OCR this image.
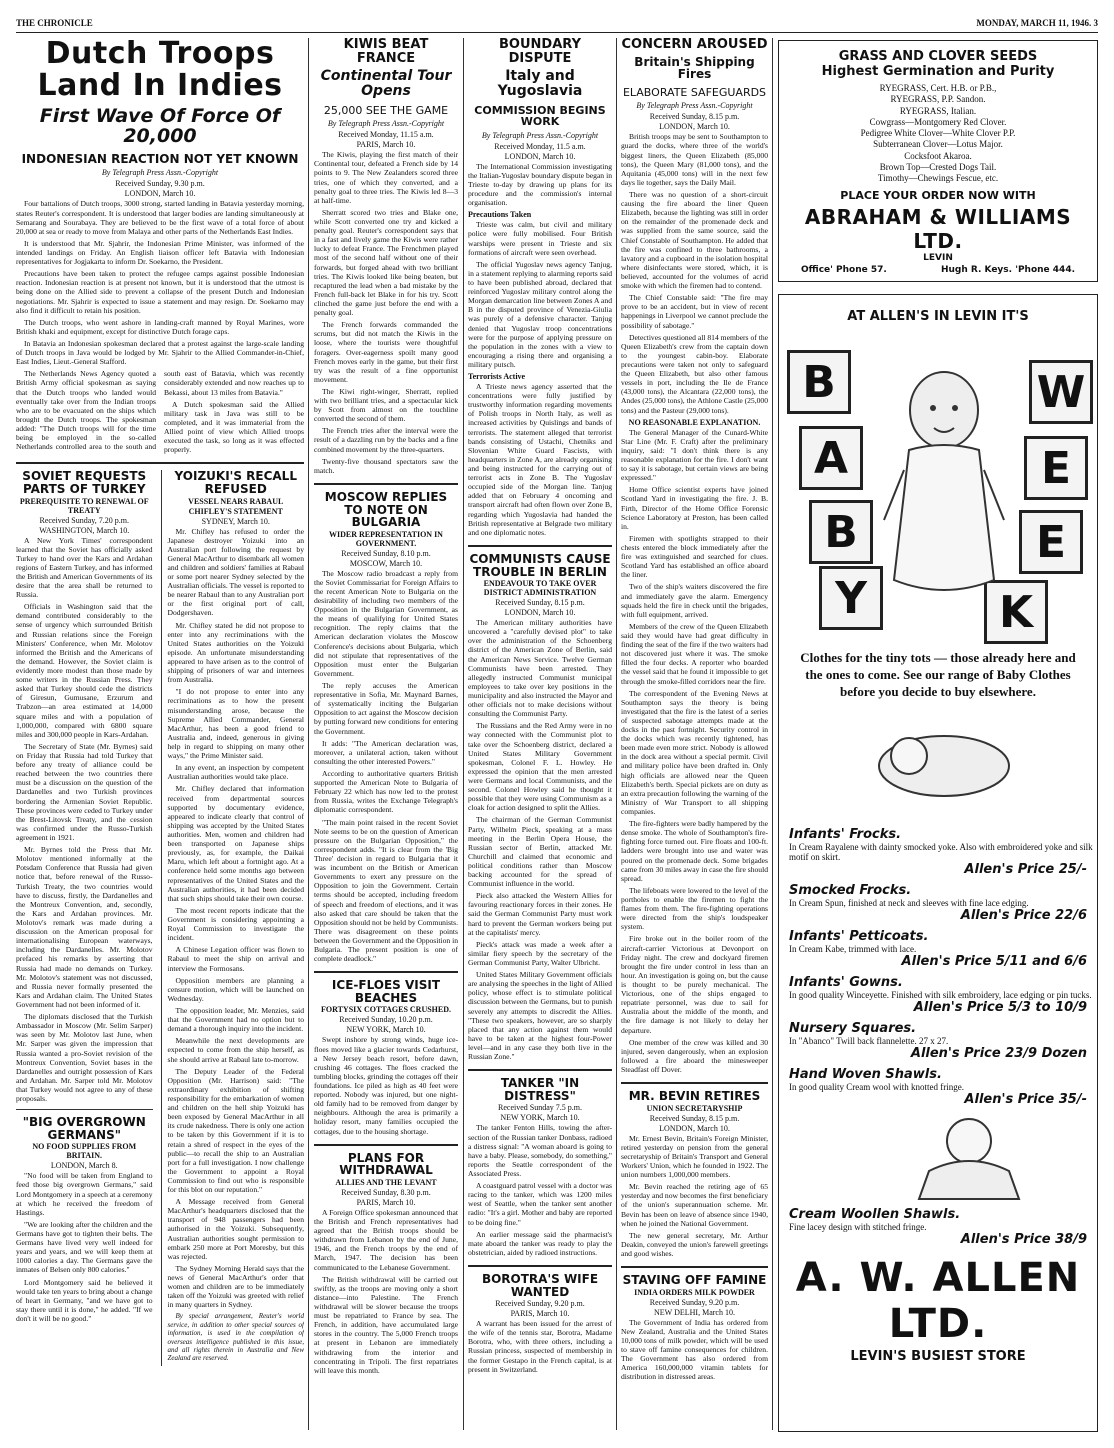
THE CHRONICLE	MONDAY, MARCH 11, 1946. 3
Dutch Troops Land In Indies
First Wave Of Force Of 20,000
INDONESIAN REACTION NOT YET KNOWN
By Telegraph Press Assn.-Copyright
Received Sunday, 9.30 p.m.
LONDON, March 10.

Four battalions of Dutch troops, 3000 strong, started landing in Batavia yesterday morning, states Reuter's correspondent. It is understood that larger bodies are landing simultaneously at Semarang and Sourabaya. They are believed to be the first wave of a total force of about 20,000 at sea or ready to move from Malaya and other parts of the Netherlands East Indies.

It is understood that Mr. Sjahrir, the Indonesian Prime Minister, was informed of the intended landings on Friday. An English liaison officer left Batavia with Indonesian representatives for Jogjakarta to inform Dr. Soekarno, the President.

Precautions have been taken to protect the refugee camps against possible Indonesian reaction. Indonesian reaction is at present not known, but it is understood that the utmost is being done on the Allied side to prevent a collapse of the present Dutch and Indonesian negotiations. Mr. Sjahrir is expected to issue a statement and may resign. Dr. Soekarno may also find it difficult to retain his position.

The Dutch troops, who went ashore in landing-craft manned by Royal Marines, wore British khaki and equipment, except for distinctive Dutch forage caps.

In Batavia an Indonesian spokesman declared that a protest against the large-scale landing of Dutch troops in Java would be lodged by Mr. Sjahrir to the Allied Commander-in-Chief, East Indies, Lieut.-General Stafford.

The Netherlands News Agency quoted a British Army official spokesman as saying that the Dutch troops who landed would eventually take over from the Indian troops who are to be evacuated on the ships which brought the Dutch troops. The spokesman added: "The Dutch troops will for the time being be employed in the so-called Netherlands controlled area to the south and south east of Batavia, which was recently considerably extended and now reaches up to Bekassi, about 13 miles from Batavia."

A Dutch spokesman said the Allied military task in Java was still to be completed, and it was immaterial from the Allied point of view which Allied troops executed the task, so long as it was effected properly.

SOVIET REQUESTS PARTS OF TURKEY
PREREQUISITE TO RENEWAL OF TREATY
Received Sunday, 7.20 p.m.
WASHINGTON, March 10.

A New York Times' correspondent learned that the Soviet has officially asked Turkey to hand over the Kars and Ardahan regions of Eastern Turkey, and has informed the British and American Governments of its desire that the area shall be returned to Russia.

Officials in Washington said that the demand contributed considerably to the sense of urgency which surrounded British and Russian relations since the Foreign Ministers' Conference, when Mr. Molotov informed the British and the Americans of the demand. However, the Soviet claim is evidently more modest than those made by some writers in the Russian Press. They asked that Turkey should cede the districts of Giresun, Gumusane, Erzurum and Trabzon—an area estimated at 14,000 square miles and with a population of 1,000,000, compared with 6800 square miles and 300,000 people in Kars-Ardahan.

The Secretary of State (Mr. Byrnes) said on Friday that Russia had told Turkey that before any treaty of alliance could be reached between the two countries there must be a discussion on the question of the Dardanelles and two Turkish provinces bordering the Armenian Soviet Republic. These provinces were ceded to Turkey under the Brest-Litovsk Treaty, and the cession was confirmed under the Russo-Turkish agreement in 1921.

Mr. Byrnes told the Press that Mr. Molotov mentioned informally at the Potsdam Conference that Russia had given notice that, before renewal of the Russo-Turkish Treaty, the two countries would have to discuss, firstly, the Dardanelles and the Montreux Convention, and, secondly, the Kars and Ardahan provinces. Mr. Molotov's remark was made during a discussion on the American proposal for internationalising European waterways, including the Dardanelles. Mr. Molotov prefaced his remarks by asserting that Russia had made no demands on Turkey. Mr. Molotov's statement was not discussed, and Russia never formally presented the Kars and Ardahan claim. The United States Government had not been informed of it.

The diplomats disclosed that the Turkish Ambassador in Moscow (Mr. Selim Sarper) was seen by Mr. Molotov last June, when Mr. Sarper was given the impression that Russia wanted a pro-Soviet revision of the Montreux Convention, Soviet bases in the Dardanelles and outright possession of Kars and Ardahan. Mr. Sarper told Mr. Molotov that Turkey would not agree to any of these proposals.

"BIG OVERGROWN GERMANS"
NO FOOD SUPPLIES FROM BRITAIN.
LONDON, March 8.

"No food will be taken from England to feed those big overgrown Germans," said Lord Montgomery in a speech at a ceremony at which he received the freedom of Hastings.

"We are looking after the children and the Germans have got to tighten their belts. The Germans have lived very well indeed for years and years, and we will keep them at 1000 calories a day. The Germans gave the inmates of Belsen only 800 calories."

Lord Montgomery said he believed it would take ten years to bring about a change of heart in Germany, "and we have got to stay there until it is done," he added. "If we don't it will be no good."

YOIZUKI'S RECALL REFUSED
VESSEL NEARS RABAUL
CHIFLEY'S STATEMENT
SYDNEY, March 10.

Mr. Chifley has refused to order the Japanese destroyer Yoizuki into an Australian port following the request by General MacArthur to disembark all women and children and soldiers' families at Rabaul or some port nearer Sydney selected by the Australian officials. The vessel is reported to be nearer Rabaul than to any Australian port or the first original port of call, Dodgershaven.

Mr. Chifley stated he did not propose to enter into any recriminations with the United States authorities on the Yoizuki episode. An unfortunate misunderstanding appeared to have arisen as to the control of shipping of prisoners of war and internees from Australia.

"I do not propose to enter into any recriminations as to how the present misunderstanding arose, because the Supreme Allied Commander, General MacArthur, has been a good friend to Australia and, indeed, generous in giving help in regard to shipping on many other ways," the Prime Minister said.

In any event, an inspection by competent Australian authorities would take place.

Mr. Chifley declared that information received from departmental sources supported by documentary evidence, appeared to indicate clearly that control of shipping was accepted by the United States authorities. Men, women and children had been transported on Japanese ships previously, as, for example, the Daikai Maru, which left about a fortnight ago. At a conference held some months ago between representatives of the United States and the Australian authorities, it had been decided that such ships should take their own course.

The most recent reports indicate that the Government is considering appointing a Royal Commission to investigate the incident.

A Chinese Legation officer was flown to Rabaul to meet the ship on arrival and interview the Formosans.

Opposition members are planning a censure motion, which will be launched on Wednesday.

The opposition leader, Mr. Menzies, said that the Government had no option but to demand a thorough inquiry into the incident.

Meanwhile the next developments are expected to come from the ship herself, as she should arrive at Rabaul late to-morrow.

The Deputy Leader of the Federal Opposition (Mr. Harrison) said: "The extraordinary exhibition of shifting responsibility for the embarkation of women and children on the hell ship Yoizuki has been exposed by General MacArthur in all its crude nakedness. There is only one action to be taken by this Government if it is to retain a shred of respect in the eyes of the public—to recall the ship to an Australian port for a full investigation. I now challenge the Government to appoint a Royal Commission to find out who is responsible for this blot on our reputation."

A Message received from General MacArthur's headquarters disclosed that the transport of 948 passengers had been authorised in the Yoizuki. Subsequently, Australian authorities sought permission to embark 250 more at Port Moresby, but this was rejected.

The Sydney Morning Herald says that the news of General MacArthur's order that women and children are to be immediately taken off the Yoizuki was greeted with relief in many quarters in Sydney.

By special arrangement, Reuter's world service, in addition to other special sources of information, is used in the compilation of overseas intelligence published in this issue, and all rights therein in Australia and New Zealand are reserved.

KIWIS BEAT FRANCE
Continental Tour Opens
25,000 SEE THE GAME
By Telegraph Press Assn.-Copyright
Received Monday, 11.15 a.m.
PARIS, March 10.

The Kiwis, playing the first match of their Continental tour, defeated a French side by 14 points to 9. The New Zealanders scored three tries, one of which they converted, and a penalty goal to three tries. The Kiwis led 8—3 at half-time.

Sherratt scored two tries and Blake one, while Scott converted one try and kicked a penalty goal. Reuter's correspondent says that in a fast and lively game the Kiwis were rather lucky to defeat France. The Frenchmen played most of the second half without one of their forwards, but forged ahead with two brilliant tries. The Kiwis looked like being beaten, but recaptured the lead when a bad mistake by the French full-back let Blake in for his try. Scott clinched the game just before the end with a penalty goal.

The French forwards commanded the scrums, but did not match the Kiwis in the loose, where the tourists were thoughtful foragers. Over-eagerness spoilt many good French moves early in the game, but their first try was the result of a fine opportunist movement.

The Kiwi right-winger, Sherratt, replied with two brilliant tries, and a spectacular kick by Scott from almost on the touchline converted the second of them.

The French tries after the interval were the result of a dazzling run by the backs and a fine combined movement by the three-quarters.

Twenty-five thousand spectators saw the match.

MOSCOW REPLIES TO NOTE ON BULGARIA
WIDER REPRESENTATION IN GOVERNMENT.
Received Sunday, 8.10 p.m.
MOSCOW, March 10.

The Moscow radio broadcast a reply from the Soviet Commissariat for Foreign Affairs to the recent American Note to Bulgaria on the desirability of including two members of the Opposition in the Bulgarian Government, as the means of qualifying for United States recognition. The reply claims that the American declaration violates the Moscow Conference's decisions about Bulgaria, which did not stipulate that representatives of the Opposition must enter the Bulgarian Government.

The reply accuses the American representative in Sofia, Mr. Maynard Barnes, of systematically inciting the Bulgarian Opposition to act against the Moscow decision by putting forward new conditions for entering the Government.

It adds: "The American declaration was, moreover, a unilateral action, taken without consulting the other interested Powers."

According to authoritative quarters British supported the American Note to Bulgaria of February 22 which has now led to the protest from Russia, writes the Exchange Telegraph's diplomatic correspondent.

"The main point raised in the recent Soviet Note seems to be on the question of American pressure on the Bulgarian Opposition," the correspondent adds. "It is clear from the 'Big Three' decision in regard to Bulgaria that it was incumbent on the British or American Governments to exert any pressure on the Opposition to join the Government. Certain terms should be accepted, including freedom of speech and freedom of elections, and it was also asked that care should be taken that the Opposition should not be held by Communists. There was disagreement on these points between the Government and the Opposition in Bulgaria. The present position is one of complete deadlock."

ICE-FLOES VISIT BEACHES
FORTYSIX COTTAGES CRUSHED.
Received Sunday, 10.20 p.m.
NEW YORK, March 10.

Swept inshore by strong winds, huge ice-floes moved like a glacier towards Cedarhurst, a New Jersey beach resort, before dawn, crushing 46 cottages. The floes cracked the tumbling blocks, grinding the cottages off their foundations. Ice piled as high as 40 feet were reported. Nobody was injured, but one night-old family had to be removed from danger by neighbours. Although the area is primarily a holiday resort, many families occupied the cottages, due to the housing shortage.

PLANS FOR WITHDRAWAL
ALLIES AND THE LEVANT
Received Sunday, 8.30 p.m.
PARIS, March 10.

A Foreign Office spokesman announced that the British and French representatives had agreed that the British troops should be withdrawn from Lebanon by the end of June, 1946, and the French troops by the end of March, 1947. The decision has been communicated to the Lebanese Government.

The British withdrawal will be carried out swiftly, as the troops are moving only a short distance—into Palestine. The French withdrawal will be slower because the troops must be repatriated to France by sea. The French, in addition, have accumulated large stores in the country. The 5,000 French troops at present in Lebanon are immediately withdrawing from the interior and concentrating in Tripoli. The first repatriates will leave this month.

BOUNDARY DISPUTE
Italy and Yugoslavia
COMMISSION BEGINS WORK
By Telegraph Press Assn.-Copyright
Received Monday, 11.5 a.m.
LONDON, March 10.

The International Commission investigating the Italian-Yugoslav boundary dispute began in Trieste to-day by drawing up plans for its procedure and the commission's internal organisation.

Precautions Taken

Trieste was calm, but civil and military police were fully mobilised. Four British warships were present in Trieste and six formations of aircraft were seen overhead.

The official Yugoslav news agency Tanjug, in a statement replying to alarming reports said to have been published abroad, declared that reinforced Yugoslav military control along the Morgan demarcation line between Zones A and B in the disputed province of Venezia-Giulia was purely of a defensive character. Tanjug denied that Yugoslav troop concentrations were for the purpose of applying pressure on the population in the zones with a view to encouraging a rising there and organising a military putsch.

Terrorists Active

A Trieste news agency asserted that the concentrations were fully justified by trustworthy information regarding movements of Polish troops in North Italy, as well as increased activities by Quislings and bands of terrorists. The statement alleged that terrorist bands consisting of Ustachi, Chetniks and Slovenian White Guard Fascists, with headquarters in Zone A, are already organising and being instructed for the carrying out of terrorist acts in Zone B. The Yugoslav occupied side of the Morgan line. Tanjug added that on February 4 oncoming and transport aircraft had often flown over Zone B, regarding which Yugoslavia had handed the British representative at Belgrade two military and one diplomatic notes.

COMMUNISTS CAUSE TROUBLE IN BERLIN
ENDEAVOUR TO TAKE OVER DISTRICT ADMINISTRATION
Received Sunday, 8.15 p.m.
LONDON, March 10.

The American military authorities have uncovered a "carefully devised plot" to take over the administration of the Schoenberg district of the American Zone of Berlin, said the American News Service. Twelve German Communists have been arrested. They allegedly instructed Communist municipal employees to take over key positions in the municipality and also instructed the Mayor and other officials not to make decisions without consulting the Communist Party.

The Russians and the Red Army were in no way connected with the Communist plot to take over the Schoenberg district, declared a United States Military Government spokesman, Colonel F. L. Howley. He expressed the opinion that the men arrested were Germans and local Communists, and the second. Colonel Howley said he thought it possible that they were using Communism as a cloak for action designed to split the Allies.

The chairman of the German Communist Party, Wilhelm Pieck, speaking at a mass meeting in the Berlin Opera House, the Russian sector of Berlin, attacked Mr. Churchill and claimed that economic and political conditions rather than Moscow backing accounted for the spread of Communist influence in the world.

Pieck also attacked the Western Allies for favouring reactionary forces in their zones. He said the German Communist Party must work hard to prevent the German workers being put at the capitalists' mercy.

Pieck's attack was made a week after a similar fiery speech by the secretary of the German Communist Party, Walter Ulbricht.

United States Military Government officials are analysing the speeches in the light of Allied policy, whose effect is to stimulate political discussion between the Germans, but to punish severely any attempts to discredit the Allies. "These two speakers, however, are so sharply placed that any action against them would have to be taken at the highest four-Power level—and in any case they both live in the Russian Zone."

TANKER "IN DISTRESS"
Received Sunday 7.5 p.m.
NEW YORK, March 10.

The tanker Fenton Hills, towing the after-section of the Russian tanker Donbass, radioed a distress signal: "A woman aboard is going to have a baby. Please, somebody, do something," reports the Seattle correspondent of the Associated Press.

A coastguard patrol vessel with a doctor was racing to the tanker, which was 1200 miles west of Seattle, when the tanker sent another radio: "It's a girl. Mother and baby are reported to be doing fine."

An earlier message said the pharmacist's mate aboard the tanker was ready to play the obstetrician, aided by radioed instructions.

BOROTRA'S WIFE WANTED
Received Sunday, 9.20 p.m.
PARIS, March 10.

A warrant has been issued for the arrest of the wife of the tennis star, Borotra, Madame Borotra, who, with three others, including a Russian princess, suspected of membership in the former Gestapo in the French capital, is at present in Switzerland.

CONCERN AROUSED
Britain's Shipping Fires
ELABORATE SAFEGUARDS
By Telegraph Press Assn.-Copyright
Received Sunday, 8.15 p.m.
LONDON, March 10.

British troops may be sent to Southampton to guard the docks, where three of the world's biggest liners, the Queen Elizabeth (85,000 tons), the Queen Mary (81,000 tons), and the Aquitania (45,000 tons) will in the next few days lie together, says the Daily Mail.

There was no question of a short-circuit causing the fire aboard the liner Queen Elizabeth, because the lighting was still in order on the remainder of the promenade deck and was supplied from the same source, said the Chief Constable of Southampton. He added that the fire was confined to three bathrooms, a lavatory and a cupboard in the isolation hospital where disinfectants were stored, which, it is believed, accounted for the volumes of acrid smoke with which the firemen had to contend.

The Chief Constable said: "The fire may prove to be an accident, but in view of recent happenings in Liverpool we cannot preclude the possibility of sabotage."

Detectives questioned all 814 members of the Queen Elizabeth's crew from the captain down to the youngest cabin-boy. Elaborate precautions were taken not only to safeguard the Queen Elizabeth, but also other famous vessels in port, including the Ile de France (43,000 tons), the Alcantara (22,000 tons), the Andes (25,000 tons), the Athlone Castle (25,000 tons) and the Pasteur (29,000 tons).

NO REASONABLE EXPLANATION.

The General Manager of the Cunard-White Star Line (Mr. F. Craft) after the preliminary inquiry, said: "I don't think there is any reasonable explanation for the fire. I don't want to say it is sabotage, but certain views are being expressed."

Home Office scientist experts have joined Scotland Yard in investigating the fire. J. B. Firth, Director of the Home Office Forensic Science Laboratory at Preston, has been called in.

Firemen with spotlights strapped to their chests entered the block immediately after the fire was extinguished and searched for clues. Scotland Yard has established an office aboard the liner.

Two of the ship's waiters discovered the fire and immediately gave the alarm. Emergency squads held the fire in check until the brigades, with full equipment, arrived.

Members of the crew of the Queen Elizabeth said they would have had great difficulty in finding the seat of the fire if the two waiters had not discovered just where it was. The smoke filled the four decks. A reporter who boarded the vessel said that he found it impossible to get through the smoke-filled corridors near the fire.

The correspondent of the Evening News at Southampton says the theory is being investigated that the fire is the latest of a series of suspected sabotage attempts made at the docks in the past fortnight. Security control in the docks which was recently tightened, has been made even more strict. Nobody is allowed in the dock area without a special permit. Civil and military police have been drafted in. Only high officials are allowed near the Queen Elizabeth's berth. Special pickets are on duty as an extra precaution following the warning of the Ministry of War Transport to all shipping companies.

The fire-fighters were badly hampered by the dense smoke. The whole of Southampton's fire-fighting force turned out. Fire floats and 100-ft. ladders were brought into use and water was poured on the promenade deck. Some brigades came from 30 miles away in case the fire should spread.

The lifeboats were lowered to the level of the portholes to enable the firemen to fight the flames from them. The fire-fighting operations were directed from the ship's loudspeaker system.

Fire broke out in the boiler room of the aircraft-carrier Victorious at Devonport on Friday night. The crew and dockyard firemen brought the fire under control in less than an hour. An investigation is going on, but the cause is thought to be purely mechanical. The Victorious, one of the ships engaged to repatriate personnel, was due to sail for Australia about the middle of the month, and the fire damage is not likely to delay her departure.

One member of the crew was killed and 30 injured, seven dangerously, when an explosion followed a fire aboard the minesweeper Steadfast off Dover.

MR. BEVIN RETIRES
UNION SECRETARYSHIP
Received Sunday, 8.15 p.m.
LONDON, March 10.

Mr. Ernest Bevin, Britain's Foreign Minister, retired yesterday on pension from the general secretaryship of Britain's Transport and General Workers' Union, which he founded in 1922. The union numbers 1,000,000 members.

Mr. Bevin reached the retiring age of 65 yesterday and now becomes the first beneficiary of the union's superannuation scheme. Mr. Bevin has been on leave of absence since 1940, when he joined the National Government.

The new general secretary, Mr. Arthur Deakin, conveyed the union's farewell greetings and good wishes.

STAVING OFF FAMINE
INDIA ORDERS MILK POWDER
Received Sunday, 9.20 p.m.
NEW DELHI, March 10.

The Government of India has ordered from New Zealand, Australia and the United States 10,000 tons of milk powder, which will be used to stave off famine consequences for children. The Government has also ordered from America 160,000,000 vitamin tablets for distribution in distressed areas.

GRASS AND CLOVER SEEDS
Highest Germination and Purity
RYEGRASS, Cert. H.B. or P.B.,
RYEGRASS, P.P. Sandon.
RYEGRASS, Italian.
Cowgrass—Montgomery Red Clover.
Pedigree White Clover—White Clover P.P.
Subterranean Clover—Lotus Major.
Cocksfoot Akaroa.
Brown Top—Crested Dogs Tail.
Timothy—Chewings Fescue, etc.
PLACE YOUR ORDER NOW WITH
ABRAHAM & WILLIAMS LTD.
LEVIN
Office' Phone 57.	Hugh R. Keys. 'Phone 444.
AT ALLEN'S IN LEVIN IT'S
B
A
B
Y
W
E
E
K
Clothes for the tiny tots — those already here and the ones to come. See our range of Baby Clothes before you decide to buy elsewhere.
Infants' Frocks.
In Cream Rayalene with dainty smocked yoke. Also with embroidered yoke and silk motif on skirt.
Allen's Price 25/-
Smocked Frocks.
In Cream Spun, finished at neck and sleeves with fine lace edging.
Allen's Price 22/6
Infants' Petticoats.
In Cream Kabe, trimmed with lace.
Allen's Price 5/11 and 6/6
Infants' Gowns.
In good quality Winceyette. Finished with silk embroidery, lace edging or pin tucks.
Allen's Price 5/3 to 10/9
Nursery Squares.
In "Abanco" Twill back flannelette. 27 x 27.
Allen's Price 23/9 Dozen
Hand Woven Shawls.
In good quality Cream wool with knotted fringe.
Allen's Price 35/-
Cream Woollen Shawls.
Fine lacey design with stitched fringe.
Allen's Price 38/9
A. W. ALLEN LTD.
LEVIN'S BUSIEST STORE
